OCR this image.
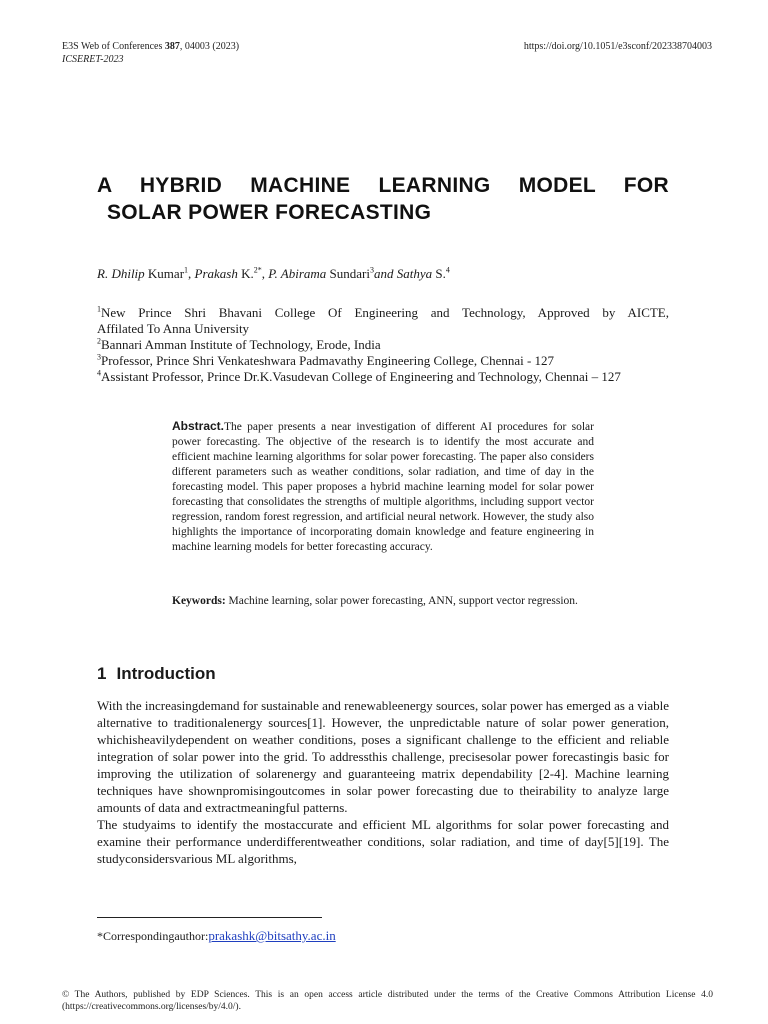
E3S Web of Conferences 387, 04003 (2023)
ICSERET-2023
https://doi.org/10.1051/e3sconf/202338704003
A HYBRID MACHINE LEARNING MODEL FOR
SOLAR POWER FORECASTING
R. Dhilip Kumar$^1$, Prakash K.$^{2*}$, P. Abirama Sundari$^3$and Sathya S.$^4$
$^1$New Prince Shri Bhavani College Of Engineering and Technology, Approved by AICTE,
Affilated To Anna University
$^2$Bannari Amman Institute of Technology, Erode, India
$^3$Professor, Prince Shri Venkateshwara Padmavathy Engineering College, Chennai - 127
$^4$Assistant Professor, Prince Dr.K.Vasudevan College of Engineering and Technology, Chennai – 127
Abstract.The paper presents a near investigation of different AI procedures for solar power forecasting. The objective of the research is to identify the most accurate and efficient machine learning algorithms for solar power forecasting. The paper also considers different parameters such as weather conditions, solar radiation, and time of day in the forecasting model. This paper proposes a hybrid machine learning model for solar power forecasting that consolidates the strengths of multiple algorithms, including support vector regression, random forest regression, and artificial neural network. However, the study also highlights the importance of incorporating domain knowledge and feature engineering in machine learning models for better forecasting accuracy.
Keywords: Machine learning, solar power forecasting, ANN, support vector regression.
1 Introduction

With the increasingdemand for sustainable and renewableenergy sources, solar power has emerged as a viable alternative to traditionalenergy sources[1]. However, the unpredictable nature of solar power generation, whichisheavilydependent on weather conditions, poses a significant challenge to the efficient and reliable integration of solar power into the grid. To addressthis challenge, precisesolar power forecastingis basic for improving the utilization of solarenergy and guaranteeing matrix dependability [2-4]. Machine learning techniques have shownpromisingoutcomes in solar power forecasting due to theirability to analyze large amounts of data and extractmeaningful patterns.

The studyaims to identify the mostaccurate and efficient ML algorithms for solar power forecasting and examine their performance underdifferentweather conditions, solar radiation, and time of day[5][19]. The studyconsidersvarious ML algorithms,

*Correspondingauthor:prakashk@bitsathy.ac.in
© The Authors, published by EDP Sciences. This is an open access article distributed under the terms of the Creative Commons Attribution License 4.0 (https://creativecommons.org/licenses/by/4.0/).
